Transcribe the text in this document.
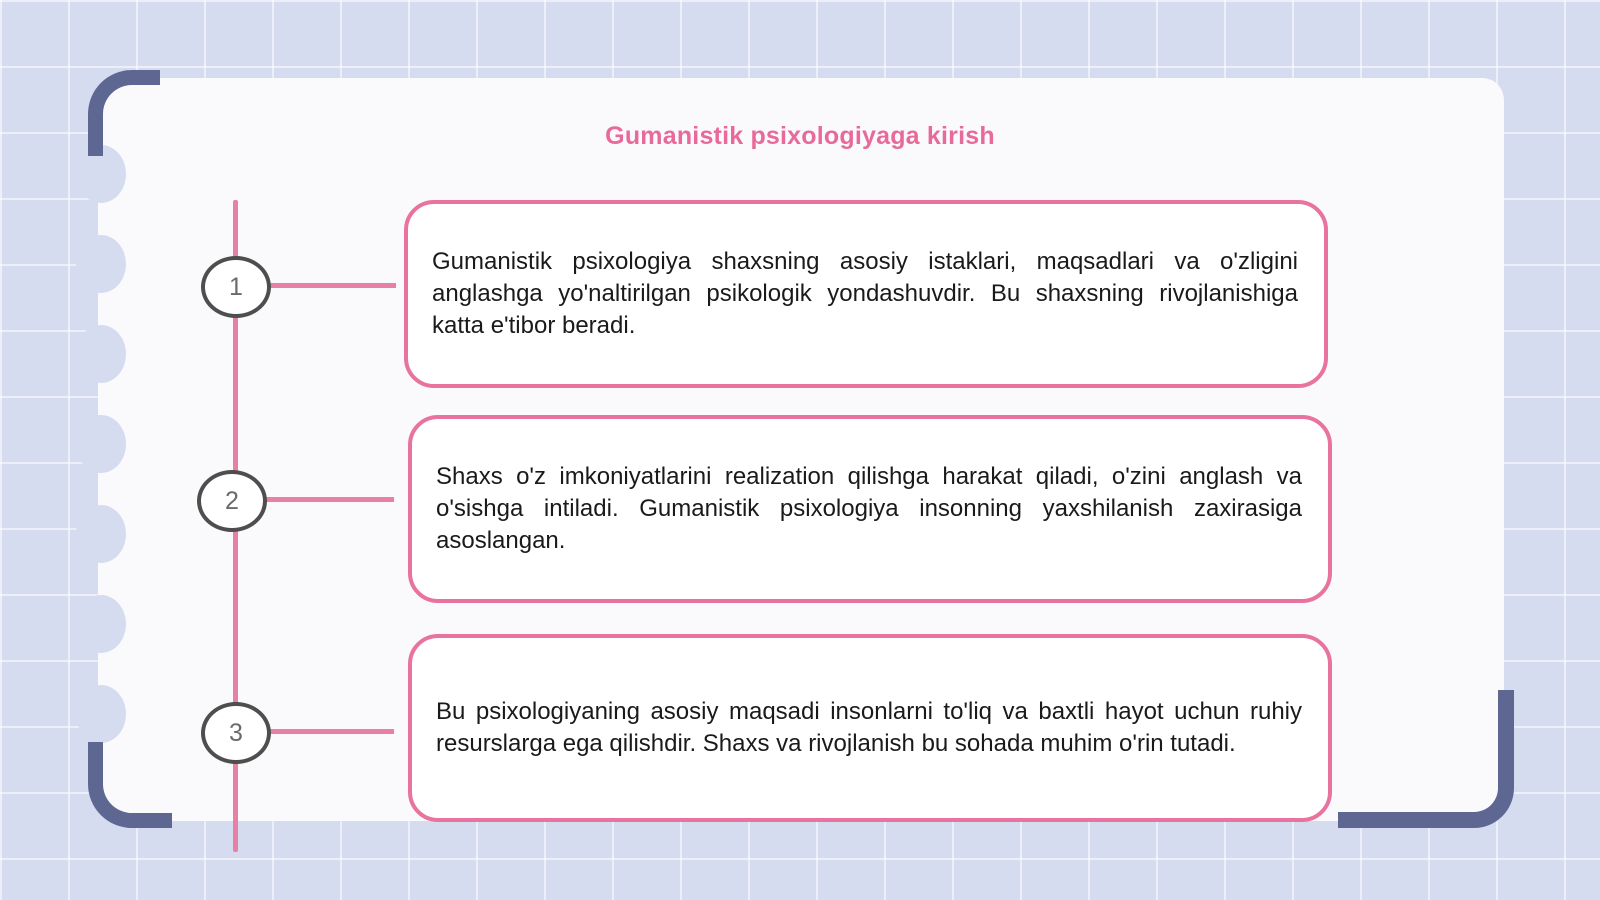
Gumanistik psixologiyaga kirish
1

Gumanistik psixologiya shaxsning asosiy istaklari, maqsadlari va o'zligini anglashga yo'naltirilgan psikologik yondashuvdir. Bu shaxsning rivojlanishiga katta e'tibor beradi.

2

Shaxs o'z imkoniyatlarini realization qilishga harakat qiladi, o'zini anglash va o'sishga intiladi. Gumanistik psixologiya insonning yaxshilanish zaxirasiga asoslangan.

3

Bu psixologiyaning asosiy maqsadi insonlarni to'liq va baxtli hayot uchun ruhiy resurslarga ega qilishdir. Shaxs va rivojlanish bu sohada muhim o'rin tutadi.
